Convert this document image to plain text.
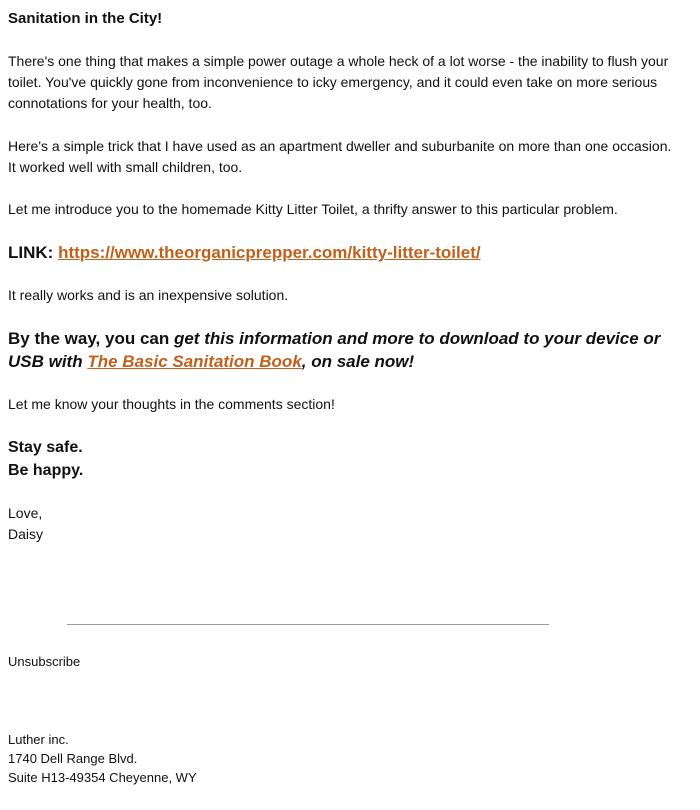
Sanitation in the City!
There's one thing that makes a simple power outage a whole heck of a lot worse - the inability to flush your toilet. You've quickly gone from inconvenience to icky emergency, and it could even take on more serious connotations for your health, too.
Here's a simple trick that I have used as an apartment dweller and suburbanite on more than one occasion. It worked well with small children, too.
Let me introduce you to the homemade Kitty Litter Toilet, a thrifty answer to this particular problem.
LINK: https://www.theorganicprepper.com/kitty-litter-toilet/
It really works and is an inexpensive solution.
By the way, you can get this information and more to download to your device or USB with The Basic Sanitation Book, on sale now!
Let me know your thoughts in the comments section!
Stay safe.
Be happy.
Love,
Daisy
Unsubscribe
Luther inc.
1740 Dell Range Blvd.
Suite H13-49354 Cheyenne, WY
